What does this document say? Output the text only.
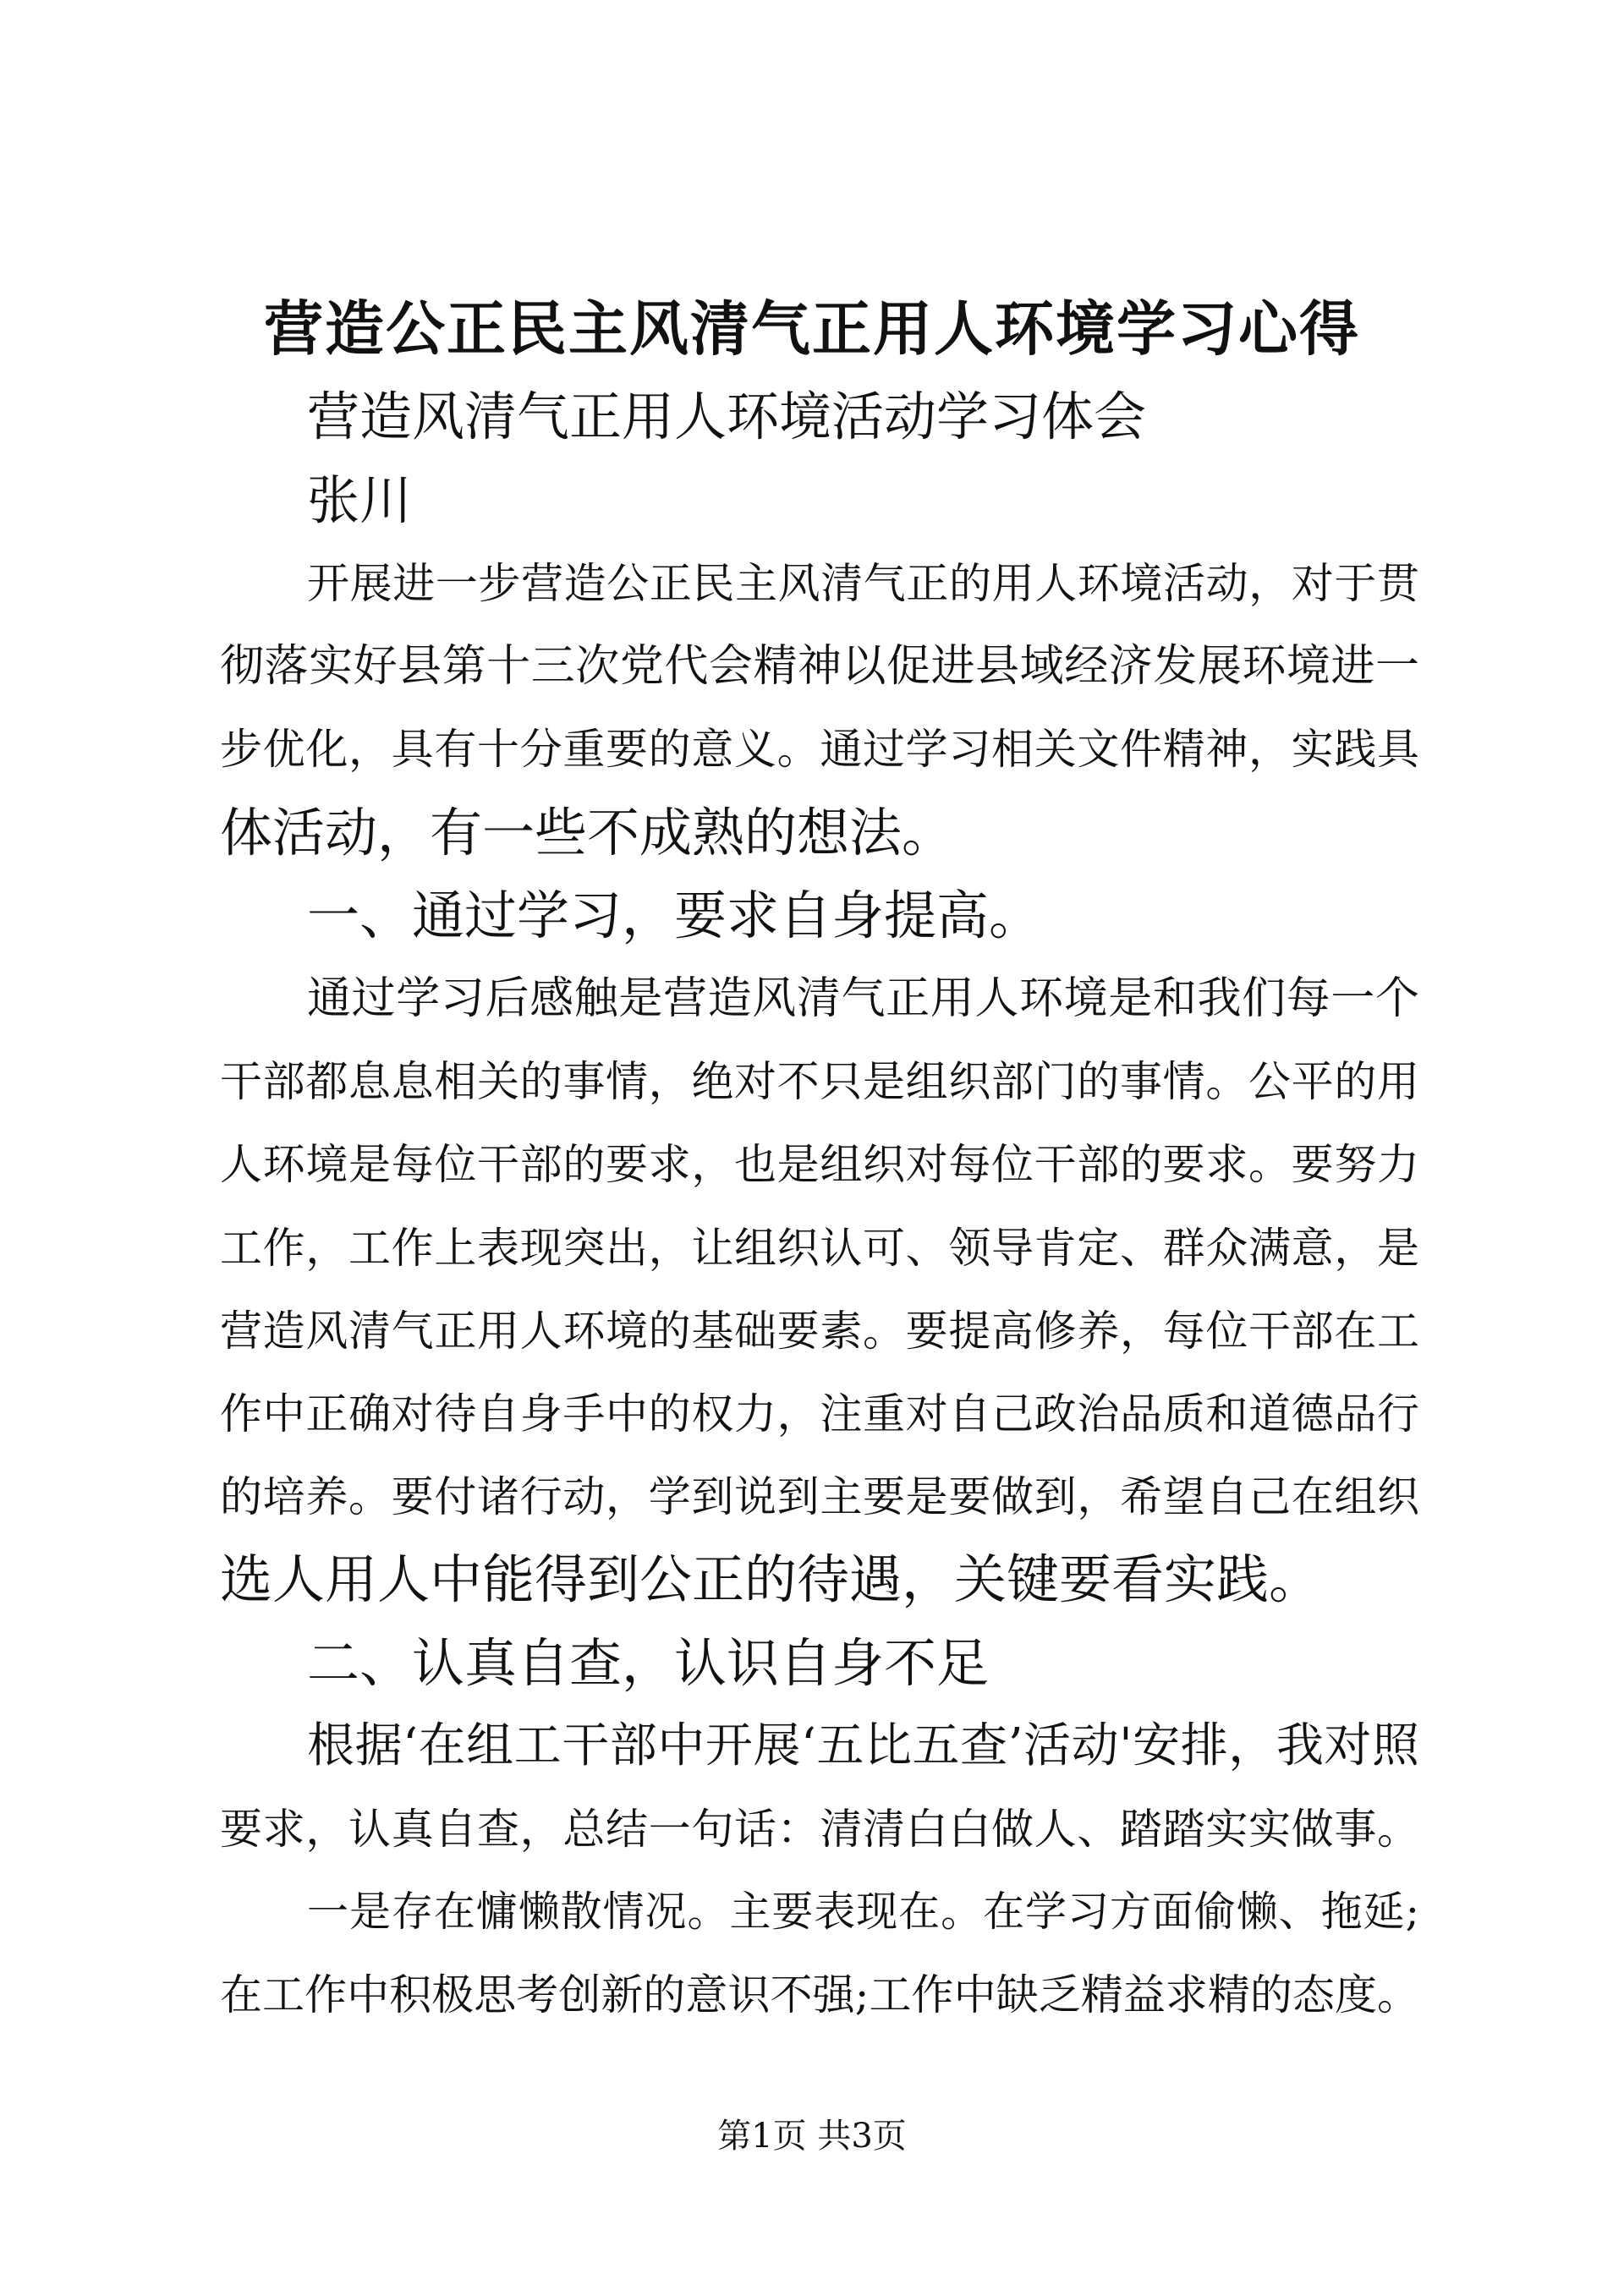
营造公正民主风清气正用人环境学习心得
营造风清气正用人环境活动学习体会
张川
开展进一步营造公正民主风清气正的用人环境活动，对于贯
彻落实好县第十三次党代会精神以促进县域经济发展环境进一
步优化，具有十分重要的意义。通过学习相关文件精神，实践具
体活动，有一些不成熟的想法。
一、通过学习，要求自身提高。
通过学习后感触是营造风清气正用人环境是和我们每一个
干部都息息相关的事情，绝对不只是组织部门的事情。公平的用
人环境是每位干部的要求，也是组织对每位干部的要求。要努力
工作，工作上表现突出，让组织认可、领导肯定、群众满意，是
营造风清气正用人环境的基础要素。要提高修养，每位干部在工
作中正确对待自身手中的权力，注重对自己政治品质和道德品行
的培养。要付诸行动，学到说到主要是要做到，希望自己在组织
选人用人中能得到公正的待遇，关键要看实践。
二、认真自查，认识自身不足
根据‘在组工干部中开展‘五比五查’活动'安排，我对照
要求，认真自查，总结一句话：清清白白做人、踏踏实实做事。
一是存在慵懒散情况。主要表现在。在学习方面偷懒、拖延;
在工作中积极思考创新的意识不强;工作中缺乏精益求精的态度。
第1页 共3页
